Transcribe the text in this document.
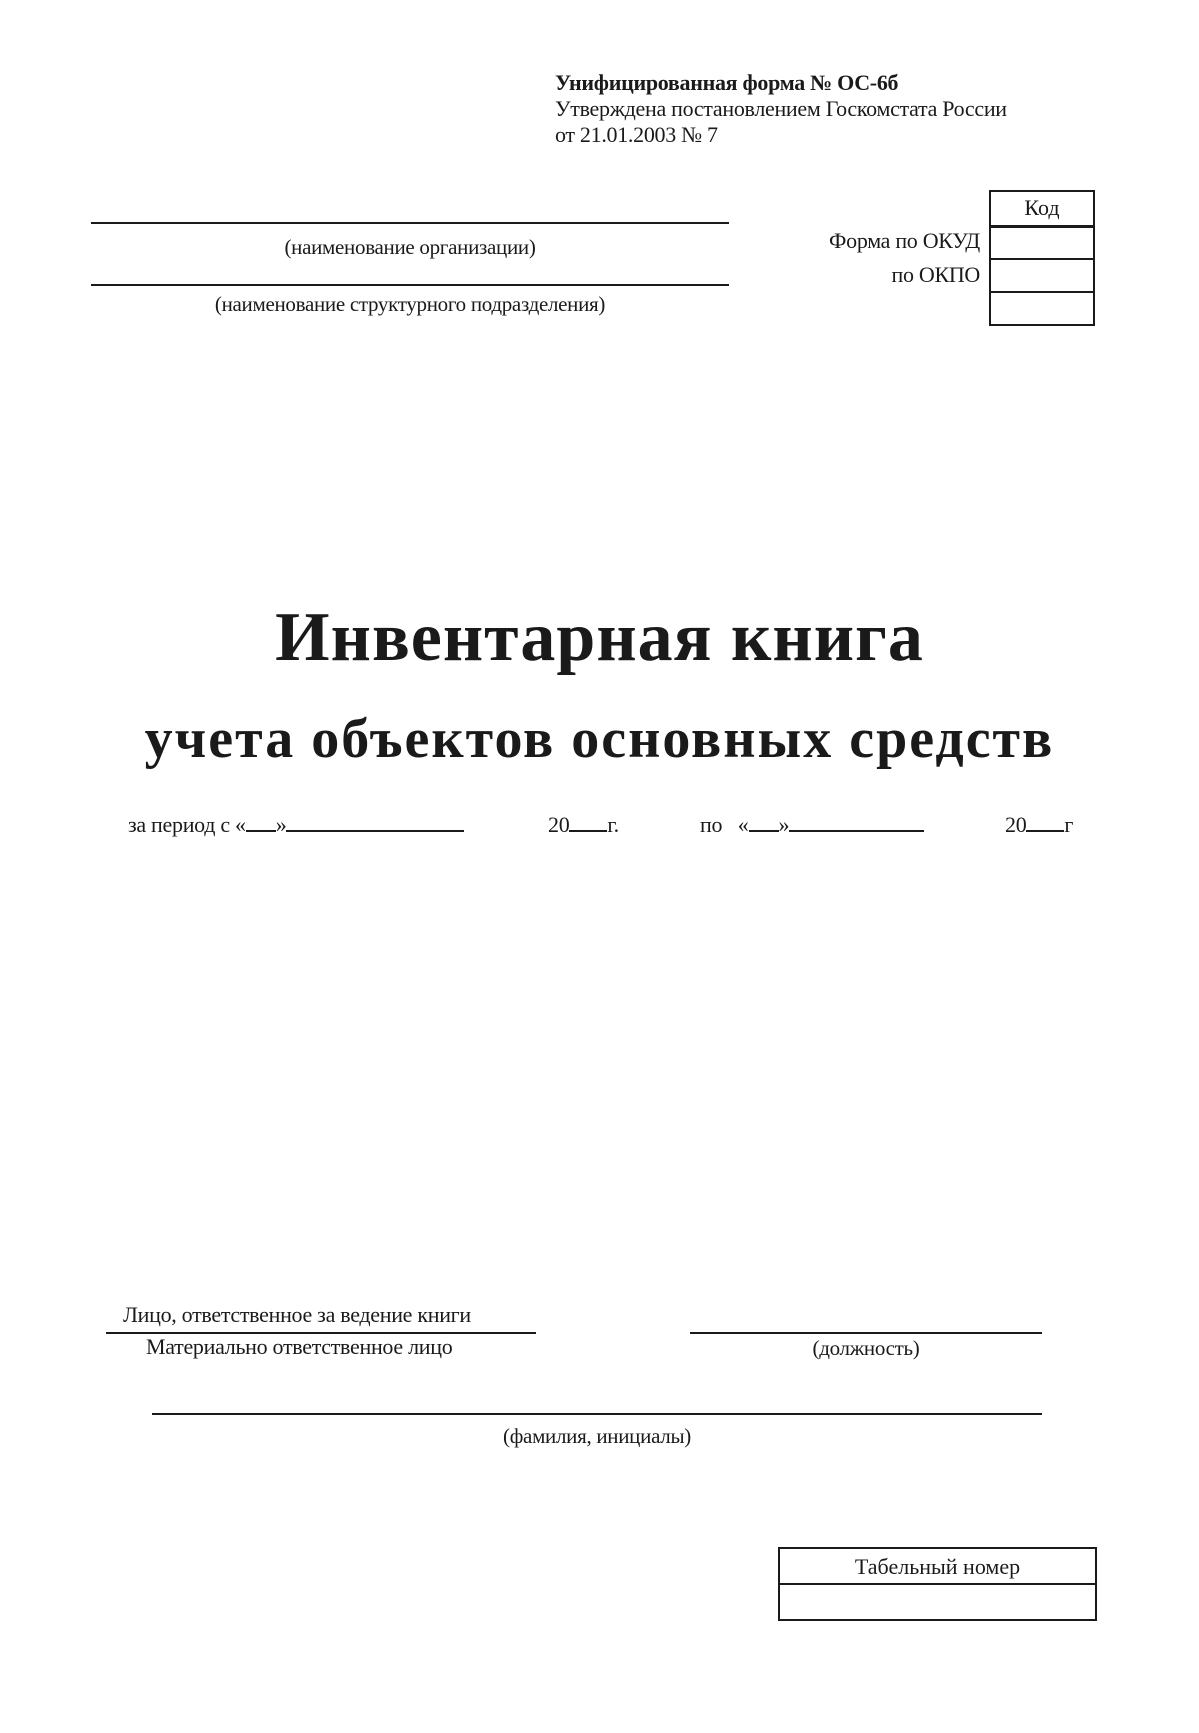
Унифицированная форма № ОС-6б
Утверждена постановлением Госкомстата России
от 21.01.2003 № 7
(наименование организации)
(наименование структурного подразделения)
Форма по ОКУД
по ОКПО
Код
Инвентарная книга
учета объектов основных средств
за период с « »	20 г.	по « »	20 г
Лицо, ответственное за ведение книги
Материально ответственное лицо	(должность)
(фамилия, инициалы)
Табельный номер
